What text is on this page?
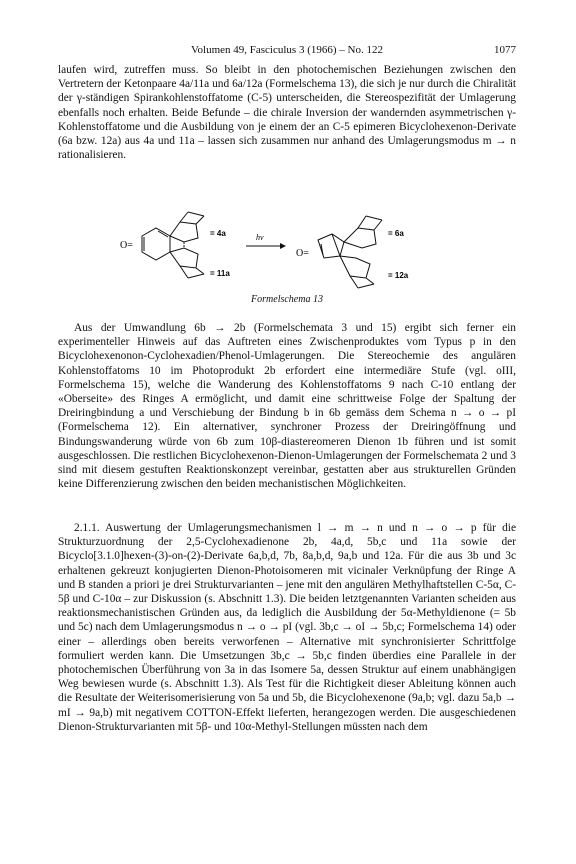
Volumen 49, Fasciculus 3 (1966) – No. 122	1077

laufen wird, zutreffen muss. So bleibt in den photochemischen Beziehungen zwischen den Vertretern der Ketonpaare 4a/11a und 6a/12a (Formelschema 13), die sich je nur durch die Chiralität der γ-ständigen Spirankohlenstoffatome (C-5) unterscheiden, die Stereospezifität der Umlagerung ebenfalls noch erhalten. Beide Befunde – die chirale Inversion der wandernden asymmetrischen γ-Kohlenstoffatome und die Ausbildung von je einem der an C-5 epimeren Bicyclohexenon-Derivate (6a bzw. 12a) aus 4a und 11a – lassen sich zusammen nur anhand des Umlagerungsmodus m → n rationalisieren.

O=
= 4a
= 11a
hν
O=
= 6a
= 12a
Formelschema 13

Aus der Umwandlung 6b → 2b (Formelschemata 3 und 15) ergibt sich ferner ein experimenteller Hinweis auf das Auftreten eines Zwischenproduktes vom Typus p in den Bicyclohexenonon-Cyclohexadien/Phenol-Umlagerungen. Die Stereochemie des angulären Kohlenstoffatoms 10 im Photoprodukt 2b erfordert eine intermediäre Stufe (vgl. oIII, Formelschema 15), welche die Wanderung des Kohlenstoffatoms 9 nach C-10 entlang der «Oberseite» des Ringes A ermöglicht, und damit eine schrittweise Folge der Spaltung der Dreiringbindung a und Verschiebung der Bindung b in 6b gemäss dem Schema n → o → pI (Formelschema 12). Ein alternativer, synchroner Prozess der Dreiringöffnung und Bindungswanderung würde von 6b zum 10β-diastereomeren Dienon 1b führen und ist somit ausgeschlossen. Die restlichen Bicyclohexenon-Dienon-Umlagerungen der Formelschemata 2 und 3 sind mit diesem gestuften Reaktionskonzept vereinbar, gestatten aber aus strukturellen Gründen keine Differenzierung zwischen den beiden mechanistischen Möglichkeiten.

2.1.1. Auswertung der Umlagerungsmechanismen l → m → n und n → o → p für die Strukturzuordnung der 2,5-Cyclohexadienone 2b, 4a,d, 5b,c und 11a sowie der Bicyclo[3.1.0]hexen-(3)-on-(2)-Derivate 6a,b,d, 7b, 8a,b,d, 9a,b und 12a. Für die aus 3b und 3c erhaltenen gekreuzt konjugierten Dienon-Photoisomeren mit vicinaler Verknüpfung der Ringe A und B standen a priori je drei Strukturvarianten – jene mit den angulären Methylhaftstellen C-5α, C-5β und C-10α – zur Diskussion (s. Abschnitt 1.3). Die beiden letztgenannten Varianten scheiden aus reaktionsmechanistischen Gründen aus, da lediglich die Ausbildung der 5α-Methyldienone (= 5b und 5c) nach dem Umlagerungsmodus n → o → pI (vgl. 3b,c → oI → 5b,c; Formelschema 14) oder einer – allerdings oben bereits verworfenen – Alternative mit synchronisierter Schrittfolge formuliert werden kann. Die Umsetzungen 3b,c → 5b,c finden überdies eine Parallele in der photochemischen Überführung von 3a in das Isomere 5a, dessen Struktur auf einem unabhängigen Weg bewiesen wurde (s. Abschnitt 1.3). Als Test für die Richtigkeit dieser Ableitung können auch die Resultate der Weiterisomerisierung von 5a und 5b, die Bicyclohexenone (9a,b; vgl. dazu 5a,b → mI → 9a,b) mit negativem COTTON-Effekt lieferten, herangezogen werden. Die ausgeschiedenen Dienon-Strukturvarianten mit 5β- und 10α-Methyl-Stellungen müssten nach dem
